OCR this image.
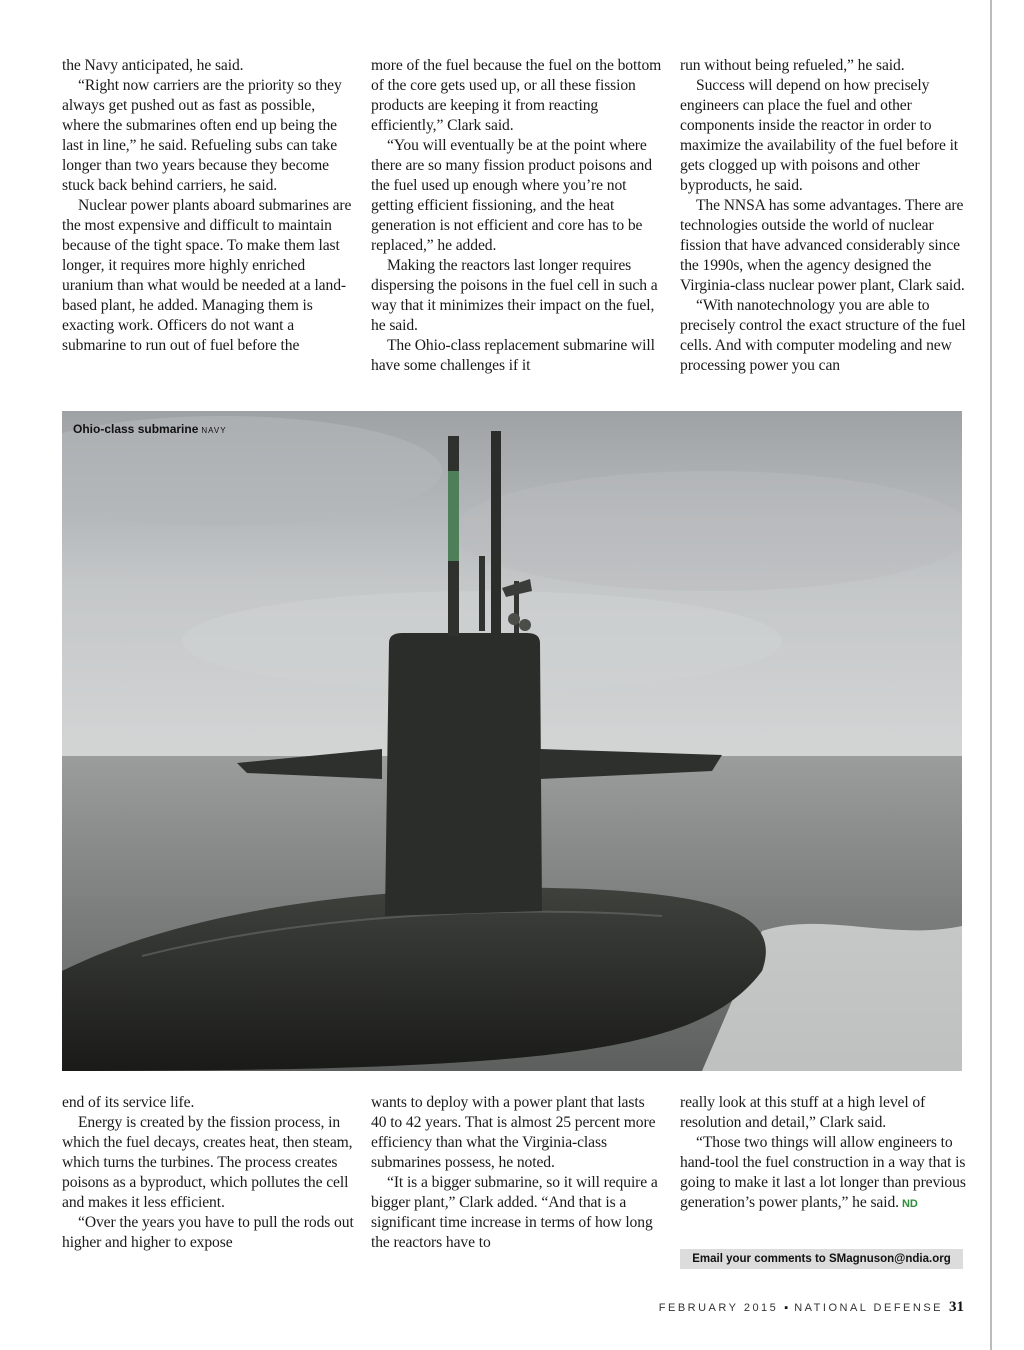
the Navy anticipated, he said.

“Right now carriers are the priority so they always get pushed out as fast as possible, where the submarines often end up being the last in line,” he said. Refueling subs can take longer than two years because they become stuck back behind carriers, he said.

Nuclear power plants aboard submarines are the most expensive and difficult to maintain because of the tight space. To make them last longer, it requires more highly enriched uranium than what would be needed at a land-based plant, he added. Managing them is exacting work. Officers do not want a submarine to run out of fuel before the

more of the fuel because the fuel on the bottom of the core gets used up, or all these fission products are keeping it from reacting efficiently,” Clark said.

“You will eventually be at the point where there are so many fission product poisons and the fuel used up enough where you’re not getting efficient fissioning, and the heat generation is not efficient and core has to be replaced,” he added.

Making the reactors last longer requires dispersing the poisons in the fuel cell in such a way that it minimizes their impact on the fuel, he said.

The Ohio-class replacement submarine will have some challenges if it

run without being refueled,” he said.

Success will depend on how precisely engineers can place the fuel and other components inside the reactor in order to maximize the availability of the fuel before it gets clogged up with poisons and other byproducts, he said.

The NNSA has some advantages. There are technologies outside the world of nuclear fission that have advanced considerably since the 1990s, when the agency designed the Virginia-class nuclear power plant, Clark said.

“With nanotechnology you are able to precisely control the exact structure of the fuel cells. And with computer modeling and new processing power you can

Ohio-class submarine NAVY

end of its service life.

Energy is created by the fission process, in which the fuel decays, creates heat, then steam, which turns the turbines. The process creates poisons as a byproduct, which pollutes the cell and makes it less efficient.

“Over the years you have to pull the rods out higher and higher to expose

wants to deploy with a power plant that lasts 40 to 42 years. That is almost 25 percent more efficiency than what the Virginia-class submarines possess, he noted.

“It is a bigger submarine, so it will require a bigger plant,” Clark added. “And that is a significant time increase in terms of how long the reactors have to

really look at this stuff at a high level of resolution and detail,” Clark said.

“Those two things will allow engineers to hand-tool the fuel construction in a way that is going to make it last a lot longer than previous generation’s power plants,” he said. ND

Email your comments to SMagnuson@ndia.org
FEBRUARY 2015 ▪ NATIONAL DEFENSE 31
